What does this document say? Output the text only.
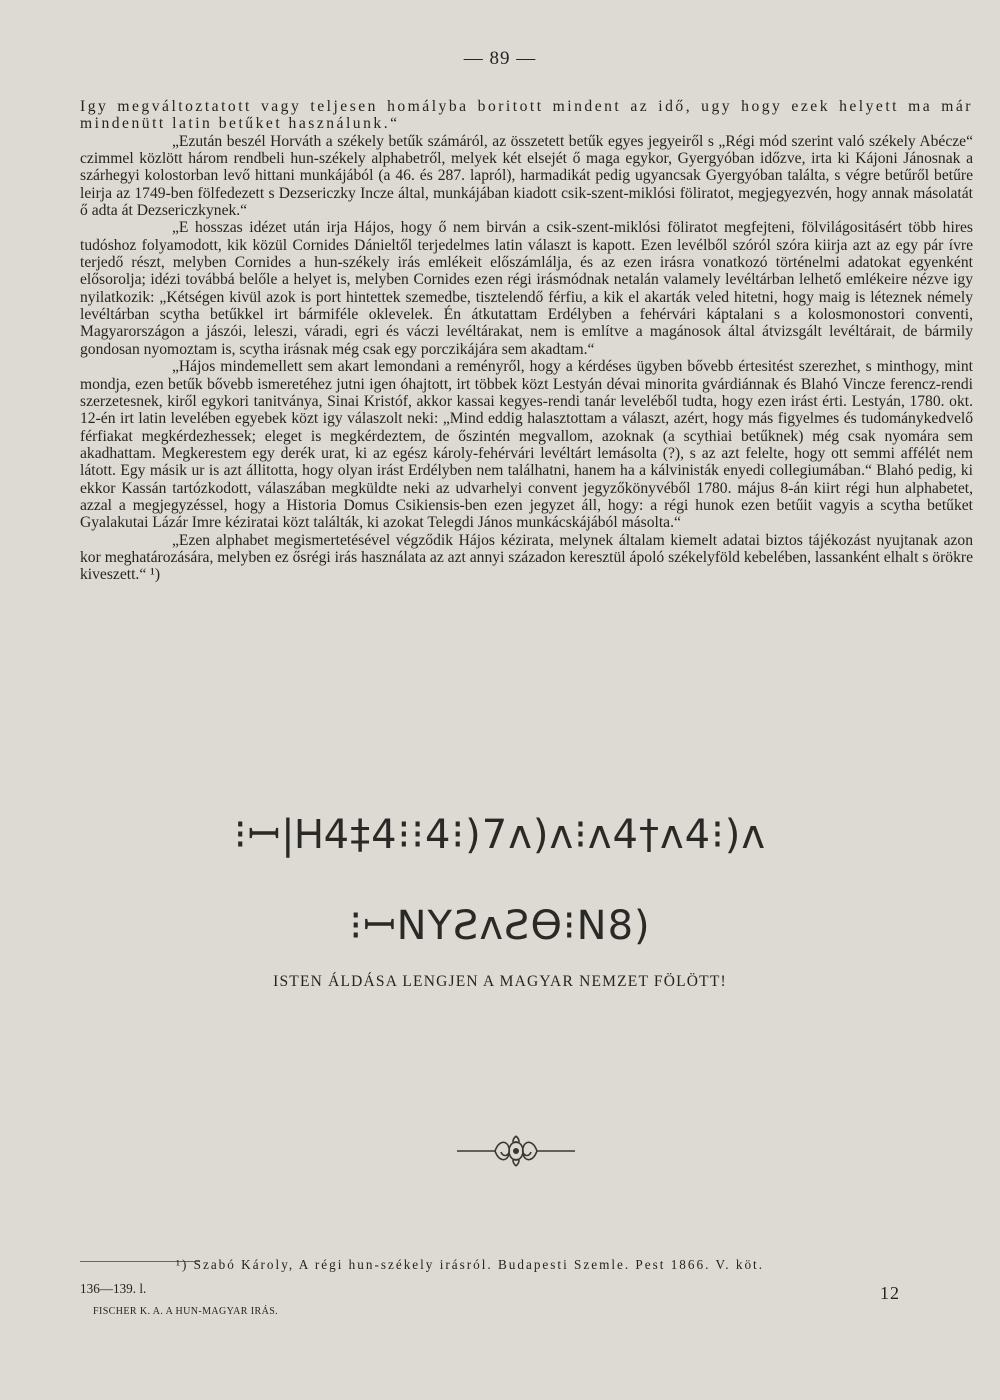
— 89 —

Igy megváltoztatott vagy teljesen homályba boritott mindent az idő, ugy hogy ezek helyett ma már mindenütt latin betűket használunk.“

„Ezután beszél Horváth a székely betűk számáról, az összetett betűk egyes jegyeiről s „Régi mód szerint való székely Abécze“ czimmel közlött három rendbeli hun-székely alphabetről, melyek két elsejét ő maga egykor, Gyergyóban időzve, irta ki Kájoni Jánosnak a szárhegyi kolostorban levő hittani munkájából (a 46. és 287. lapról), harmadikát pedig ugyancsak Gyergyóban találta, s végre betűről betűre leirja az 1749-ben fölfedezett s Dezsericzky Incze által, munkájában kiadott csik-szent-miklósi föliratot, megjegyezvén, hogy annak másolatát ő adta át Dezsericzkynek.“

„E hosszas idézet után irja Hájos, hogy ő nem birván a csik-szent-miklósi föliratot megfejteni, fölvilágositásért több hires tudóshoz folyamodott, kik közül Cornides Dánieltől terjedelmes latin választ is kapott. Ezen levélből szóról szóra kiirja azt az egy pár ívre terjedő részt, melyben Cornides a hun-székely irás emlékeit előszámlálja, és az ezen irásra vonatkozó történelmi adatokat egyenként elősorolja; idézi továbbá belőle a helyet is, melyben Cornides ezen régi irásmódnak netalán valamely levéltárban lelhető emlékeire nézve igy nyilatkozik: „Kétségen kivül azok is port hintettek szemedbe, tisztelendő férfiu, a kik el akarták veled hitetni, hogy maig is léteznek némely levéltárban scytha betűkkel irt bármiféle oklevelek. Én átkutattam Erdélyben a fehérvári káptalani s a kolosmonostori conventi, Magyarországon a jászói, leleszi, váradi, egri és váczi levéltárakat, nem is említve a magánosok által átvizsgált levéltárait, de bármily gondosan nyomoztam is, scytha irásnak még csak egy porczikájára sem akadtam.“

„Hájos mindemellett sem akart lemondani a reményről, hogy a kérdéses ügyben bővebb értesitést szerezhet, s minthogy, mint mondja, ezen betűk bővebb ismeretéhez jutni igen óhajtott, irt többek közt Lestyán dévai minorita gvárdiánnak és Blahó Vincze ferencz-rendi szerzetesnek, kiről egykori tanitványa, Sinai Kristóf, akkor kassai kegyes-rendi tanár leveléből tudta, hogy ezen irást érti. Lestyán, 1780. okt. 12-én irt latin levelében egyebek közt igy válaszolt neki: „Mind eddig halasztottam a választ, azért, hogy más figyelmes és tudománykedvelő férfiakat megkérdezhessek; eleget is megkérdeztem, de őszintén megvallom, azoknak (a scythiai betűknek) még csak nyomára sem akadhattam. Megkerestem egy derék urat, ki az egész károly-fehérvári levéltárt lemásolta (?), s az azt felelte, hogy ott semmi affélét nem látott. Egy másik ur is azt állitotta, hogy olyan irást Erdélyben nem találhatni, hanem ha a kálvinisták enyedi collegiumában.“ Blahó pedig, ki ekkor Kassán tartózkodott, válaszában megküldte neki az udvarhelyi convent jegyzőkönyvéből 1780. május 8-án kiirt régi hun alphabetet, azzal a megjegyzéssel, hogy a Historia Domus Csikiensis-ben ezen jegyzet áll, hogy: a régi hunok ezen betűit vagyis a scytha betűket Gyalakutai Lázár Imre kéziratai közt találták, ki azokat Telegdi János munkácskájából másolta.“

„Ezen alphabet megismertetésével végződik Hájos kézirata, melynek általam kiemelt adatai biztos tájékozást nyujtanak azon kor meghatározására, melyben ez ősrégi irás használata az azt annyi századon keresztül ápoló székelyföld kebelében, lassanként elhalt s örökre kiveszett.“ ¹)

⁝ꟷ|Ꮋ4‡4⁝⁝4⁝)7ʌ)ʌ⁝ʌ4†ʌ4⁝)ʌ
⁝ꟷNΥƧʌƧӨ⁝N8)
ISTEN ÁLDÁSA LENGJEN A MAGYAR NEMZET FÖLÖTT!
¹) Szabó Károly, A régi hun-székely irásról. Budapesti Szemle. Pest 1866. V. köt.
136—139. l.
FISCHER K. A. A HUN-MAGYAR IRÁS.
12
